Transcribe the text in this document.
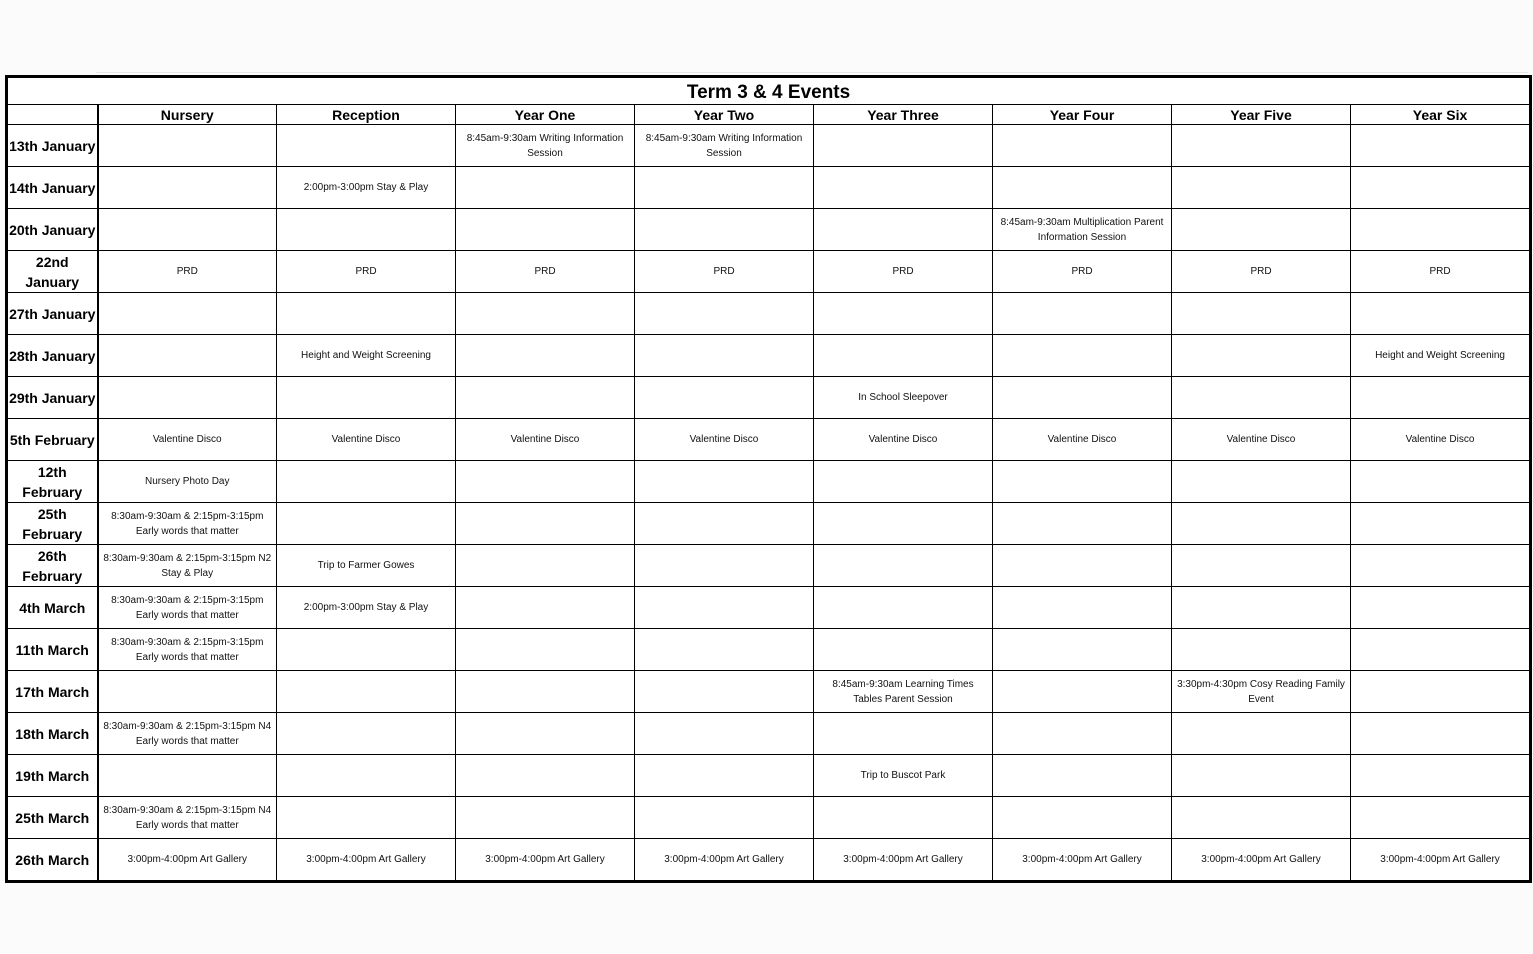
Term 3 & 4 Events								
	Nursery	Reception	Year One	Year Two	Year Three	Year Four	Year Five	Year Six
13th January			8:45am-9:30am Writing Information Session	8:45am-9:30am Writing Information Session				
14th January		2:00pm-3:00pm Stay & Play						
20th January						8:45am-9:30am Multiplication Parent Information Session		
22nd January	PRD	PRD	PRD	PRD	PRD	PRD	PRD	PRD
27th January								
28th January		Height and Weight Screening						Height and Weight Screening
29th January					In School Sleepover			
5th February	Valentine Disco	Valentine Disco	Valentine Disco	Valentine Disco	Valentine Disco	Valentine Disco	Valentine Disco	Valentine Disco
12th February	Nursery Photo Day							
25th February	8:30am-9:30am & 2:15pm-3:15pm Early words that matter							
26th February	8:30am-9:30am & 2:15pm-3:15pm N2 Stay & Play	Trip to Farmer Gowes						
4th March	8:30am-9:30am & 2:15pm-3:15pm Early words that matter	2:00pm-3:00pm Stay & Play						
11th March	8:30am-9:30am & 2:15pm-3:15pm Early words that matter							
17th March					8:45am-9:30am Learning Times Tables Parent Session		3:30pm-4:30pm Cosy Reading Family Event	
18th March	8:30am-9:30am & 2:15pm-3:15pm N4 Early words that matter							
19th March					Trip to Buscot Park			
25th March	8:30am-9:30am & 2:15pm-3:15pm N4 Early words that matter							
26th March	3:00pm-4:00pm Art Gallery	3:00pm-4:00pm Art Gallery	3:00pm-4:00pm Art Gallery	3:00pm-4:00pm Art Gallery	3:00pm-4:00pm Art Gallery	3:00pm-4:00pm Art Gallery	3:00pm-4:00pm Art Gallery	3:00pm-4:00pm Art Gallery
